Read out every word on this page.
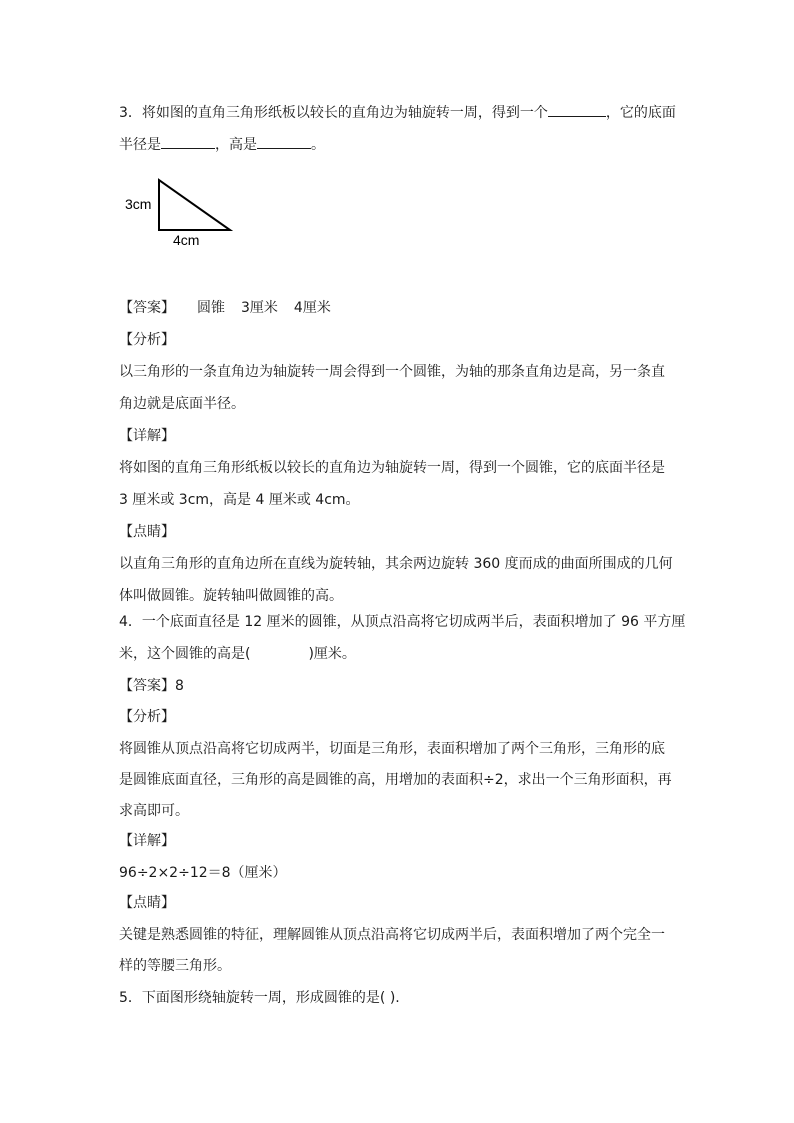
3．将如图的直角三角形纸板以较长的直角边为轴旋转一周，得到一个	，它的底面
半径是	，高是	。
3cm
4cm
【答案】 圆锥 3厘米 4厘米
【分析】
以三角形的一条直角边为轴旋转一周会得到一个圆锥，为轴的那条直角边是高，另一条直
角边就是底面半径。
【详解】
将如图的直角三角形纸板以较长的直角边为轴旋转一周，得到一个圆锥，它的底面半径是
3 厘米或 3cm，高是 4 厘米或 4cm。
【点睛】
以直角三角形的直角边所在直线为旋转轴，其余两边旋转 360 度而成的曲面所围成的几何
体叫做圆锥。旋转轴叫做圆锥的高。
4．一个底面直径是 12 厘米的圆锥，从顶点沿高将它切成两半后，表面积增加了 96 平方厘
米，这个圆锥的高是(	)厘米。
【答案】8
【分析】
将圆锥从顶点沿高将它切成两半，切面是三角形，表面积增加了两个三角形，三角形的底
是圆锥底面直径，三角形的高是圆锥的高，用增加的表面积÷2，求出一个三角形面积，再
求高即可。
【详解】
96÷2×2÷12＝8（厘米）
【点睛】
关键是熟悉圆锥的特征，理解圆锥从顶点沿高将它切成两半后，表面积增加了两个完全一
样的等腰三角形。
5．下面图形绕轴旋转一周，形成圆锥的是( ).
